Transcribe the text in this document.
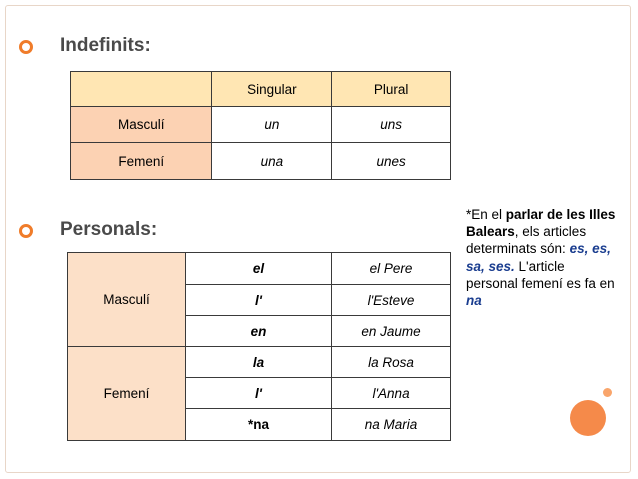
Indefinits:
	Singular	Plural
Masculí	un	uns
Femení	una	unes
Personals:
Masculí	el	el Pere
	l'	l'Esteve
	en	en Jaume
Femení	la	la Rosa
	l'	l'Anna
	*na	na Maria
*En el parlar de les Illes Balears, els articles determinats són: es, es, sa, ses. L'article personal femení es fa en na
